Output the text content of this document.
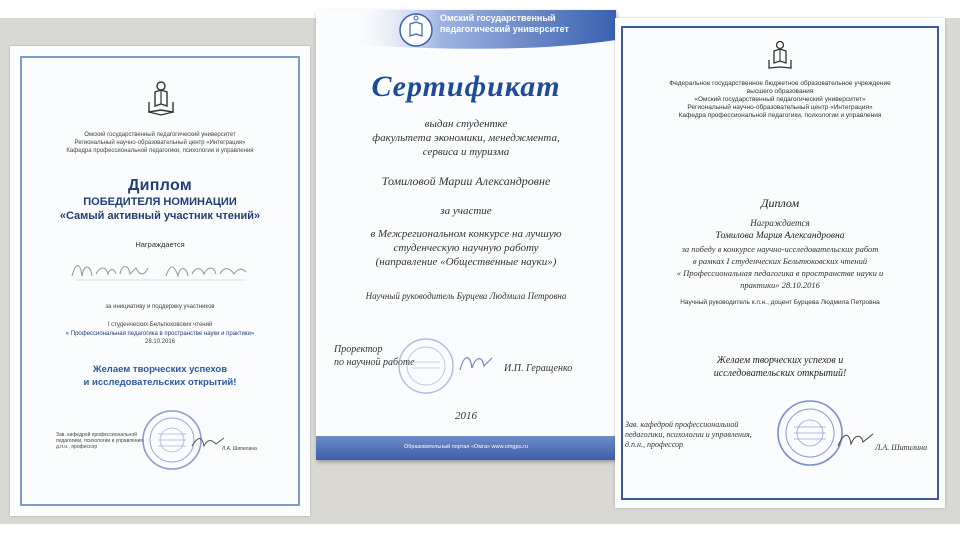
Омский государственный педагогический университет
Региональный научно-образовательный центр «Интеграция»
Кафедра профессиональной педагогики, психологии и управления
Диплом
ПОБЕДИТЕЛЯ НОМИНАЦИИ
«Самый активный участник чтений»
Награждается
за инициативу и поддержку участников
I студенческих Бельтюковских чтений
« Профессиональная педагогика в пространстве науки и практики»
28.10.2016
Желаем творческих успехов
и исследовательских открытий!
Зав. кафедрой профессиональной
педагогики, психологии и управления,
д.п.н., профессор	Л.А. Шипилина
Омский государственный
педагогический университет
Сертификат
выдан студентке
факультета экономики, менеджмента,
сервиса и туризма
Томиловой Марии Александровне
за участие
в Межрегиональном конкурсе на лучшую
студенческую научную работу
(направление «Общественные науки»)
Научный руководитель Бурцева Людмила Петровна
Проректор
по научной работе
И.П. Геращенко
2016
Образовательный портал «Омга» www.omgpu.ru
Федеральное государственное бюджетное образовательное учреждение
высшего образования
«Омский государственный педагогический университет»
Региональный научно-образовательный центр «Интеграция»
Кафедра профессиональной педагогики, психологии и управления
Диплом
Награждается
Томилова Мария Александровна
за победу в конкурсе научно-исследовательских работ
в рамках I студенческих Бельтюковских чтений
« Профессиональная педагогика в пространстве науки и
практики» 28.10.2016
Научный руководитель к.п.н., доцент Бурцева Людмила Петровна
Желаем творческих успехов и
исследовательских открытий!
Зав. кафедрой профессиональной
педагогики, психологии и управления,
д.п.н., профессор	Л.А. Шипилина
